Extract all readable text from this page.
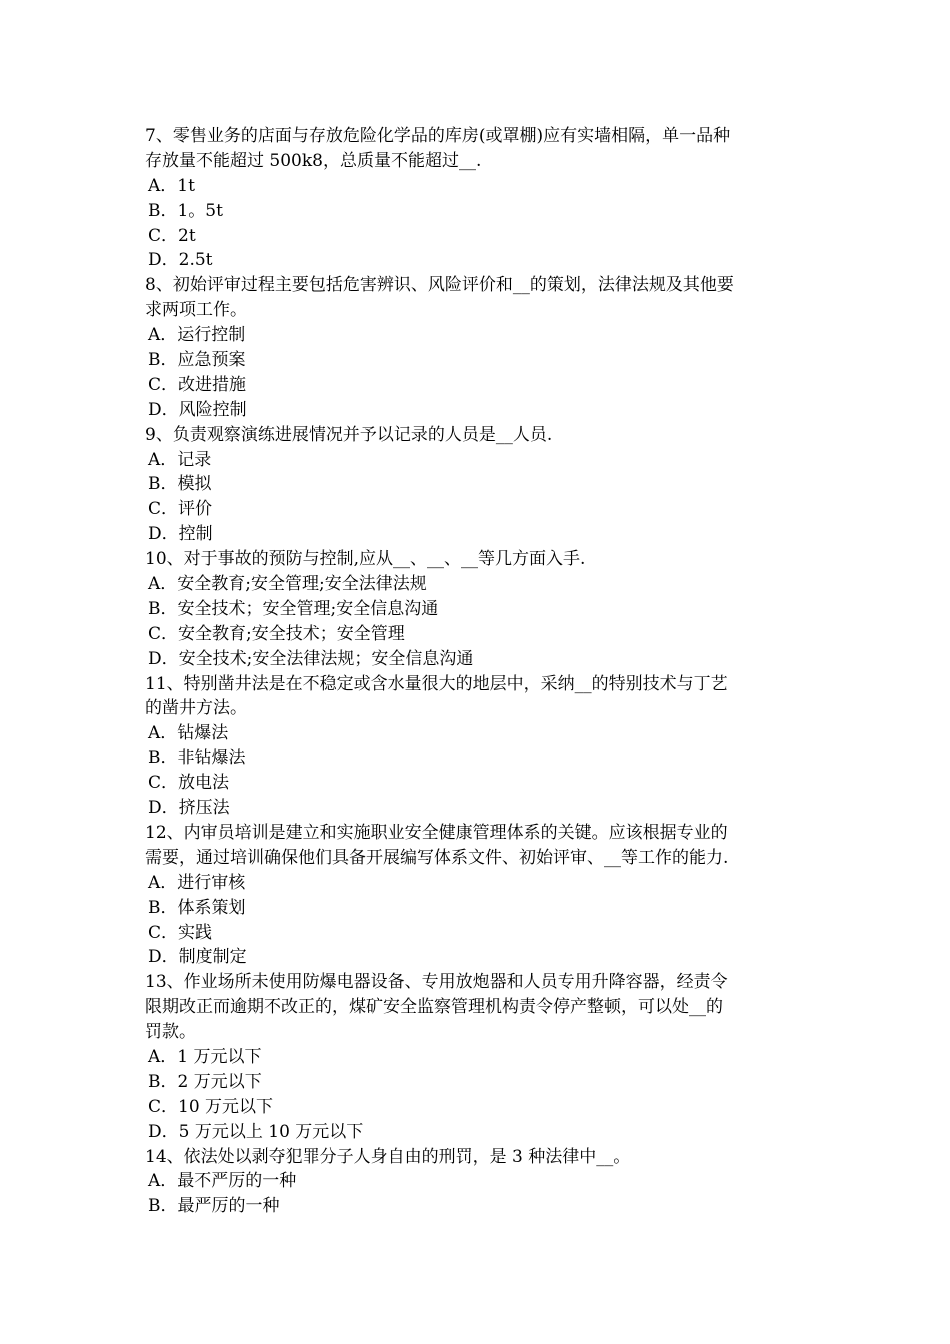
7、零售业务的店面与存放危险化学品的库房(或罩棚)应有实墙相隔，单一品种
存放量不能超过 500k8，总质量不能超过__.
A．1t
B．1。5t
C．2t
D．2.5t
8、初始评审过程主要包括危害辨识、风险评价和__的策划，法律法规及其他要
求两项工作。
A．运行控制
B．应急预案
C．改进措施
D．风险控制
9、负责观察演练进展情况并予以记录的人员是__人员.
A．记录
B．模拟
C．评价
D．控制
10、对于事故的预防与控制,应从__、__、__等几方面入手.
A．安全教育;安全管理;安全法律法规
B．安全技术；安全管理;安全信息沟通
C．安全教育;安全技术；安全管理
D．安全技术;安全法律法规；安全信息沟通
11、特别凿井法是在不稳定或含水量很大的地层中，采纳__的特别技术与丁艺
的凿井方法。
A．钻爆法
B．非钻爆法
C．放电法
D．挤压法
12、内审员培训是建立和实施职业安全健康管理体系的关键。应该根据专业的
需要，通过培训确保他们具备开展编写体系文件、初始评审、__等工作的能力.
A．进行审核
B．体系策划
C．实践
D．制度制定
13、作业场所未使用防爆电器设备、专用放炮器和人员专用升降容器，经责令
限期改正而逾期不改正的，煤矿安全监察管理机构责令停产整顿，可以处__的
罚款。
A．1 万元以下
B．2 万元以下
C．10 万元以下
D．5 万元以上 10 万元以下
14、依法处以剥夺犯罪分子人身自由的刑罚，是 3 种法律中__。
A．最不严厉的一种
B．最严厉的一种
